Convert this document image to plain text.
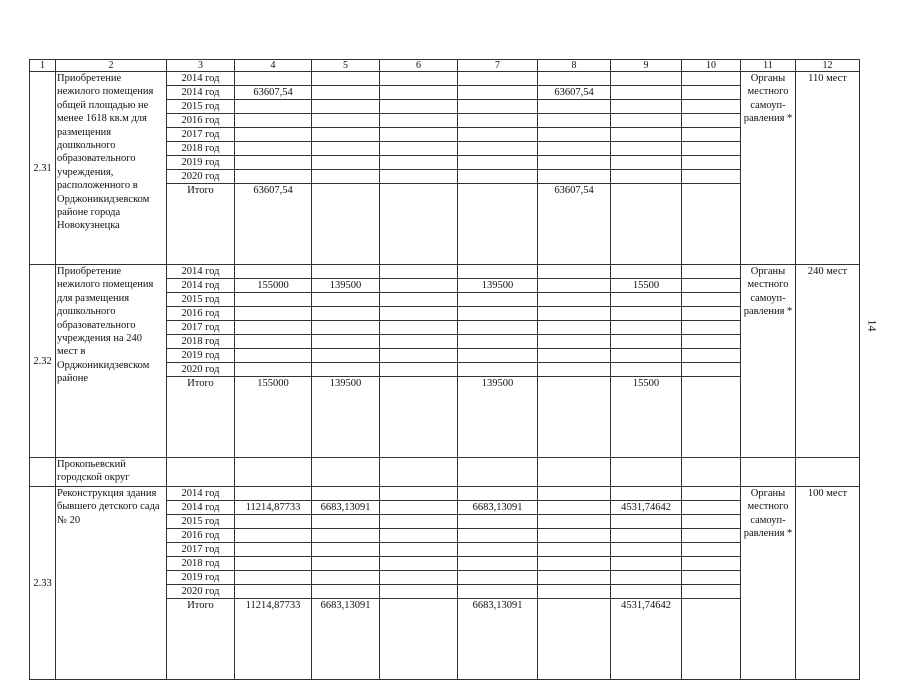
1	2	3	4	5	6	7	8	9	10	11	12
2.31	Приобретение нежилого помещения общей площадью не менее 1618 кв.м для размещения дошкольного образовательного учреждения, расположенного в Орджоникидзевском районе города Новокузнецка	2014 год								Органы местного самоуп-равления *	110 мест
		2014 год	63607,54				63607,54				
		2015 год									
		2016 год									
		2017 год									
		2018 год									
		2019 год									
		2020 год									
		Итого	63607,54				63607,54				
2.32	Приобретение нежилого помещения для размещения дошкольного образовательного учреждения на 240 мест в Орджоникидзевском районе	2014 год								Органы местного самоуп-равления *	240 мест
		2014 год	155000	139500		139500		15500			
		2015 год									
		2016 год									
		2017 год									
		2018 год									
		2019 год									
		2020 год									
		Итого	155000	139500		139500		15500			
	Прокопьевский городской округ										
2.33	Реконструкция здания бывшего детского сада № 20	2014 год								Органы местного самоуп-равления *	100 мест
		2014 год	11214,87733	6683,13091		6683,13091		4531,74642			
		2015 год									
		2016 год									
		2017 год									
		2018 год									
		2019 год									
		2020 год									
		Итого	11214,87733	6683,13091		6683,13091		4531,74642			
14
